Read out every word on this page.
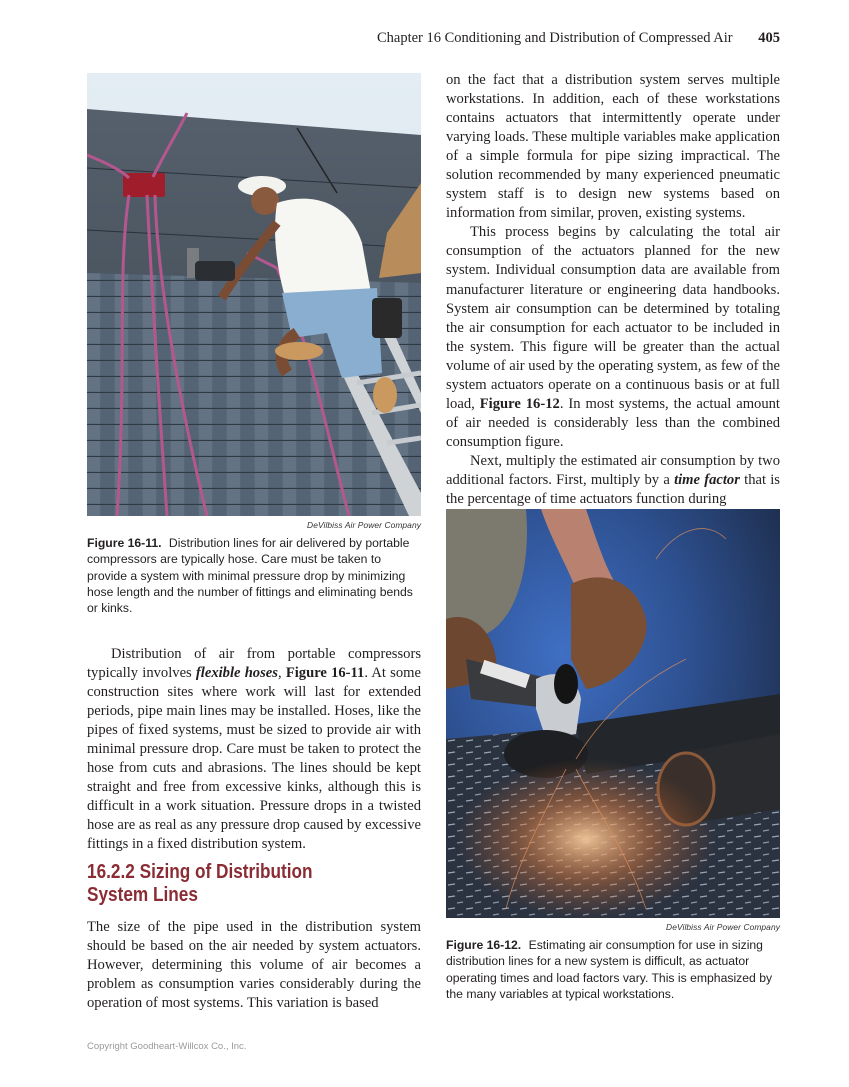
Chapter 16 Conditioning and Distribution of Compressed Air 405
DeVilbiss Air Power Company
Figure 16-11. Distribution lines for air delivered by portable compressors are typically hose. Care must be taken to provide a system with minimal pressure drop by minimizing hose length and the number of fittings and eliminating bends or kinks.

on the fact that a distribution system serves multiple workstations. In addition, each of these workstations contains actuators that intermittently operate under varying loads. These multiple variables make application of a simple formula for pipe sizing impractical. The solution recommended by many experienced pneumatic system staff is to design new systems based on information from similar, proven, existing systems.

This process begins by calculating the total air consumption of the actuators planned for the new system. Individual consumption data are available from manufacturer literature or engineering data handbooks. System air consumption can be determined by totaling the air consumption for each actuator to be included in the system. This figure will be greater than the actual volume of air used by the operating system, as few of the system actuators operate on a continuous basis or at full load, Figure 16-12. In most systems, the actual amount of air needed is considerably less than the combined consumption figure.

Next, multiply the estimated air consumption by two additional factors. First, multiply by a time factor that is the percentage of time actuators function during

DeVilbiss Air Power Company
Figure 16-12. Estimating air consumption for use in sizing distribution lines for a new system is difficult, as actuator operating times and load factors vary. This is emphasized by the many variables at typical workstations.

Distribution of air from portable compressors typically involves flexible hoses, Figure 16-11. At some construction sites where work will last for extended periods, pipe main lines may be installed. Hoses, like the pipes of fixed systems, must be sized to provide air with minimal pressure drop. Care must be taken to protect the hose from cuts and abrasions. The lines should be kept straight and free from excessive kinks, although this is difficult in a work situation. Pressure drops in a twisted hose are as real as any pressure drop caused by excessive fittings in a fixed distribution system.

16.2.2 Sizing of Distribution
System Lines

The size of the pipe used in the distribution system should be based on the air needed by system actuators. However, determining this volume of air becomes a problem as consumption varies considerably during the operation of most systems. This variation is based

Copyright Goodheart-Willcox Co., Inc.
